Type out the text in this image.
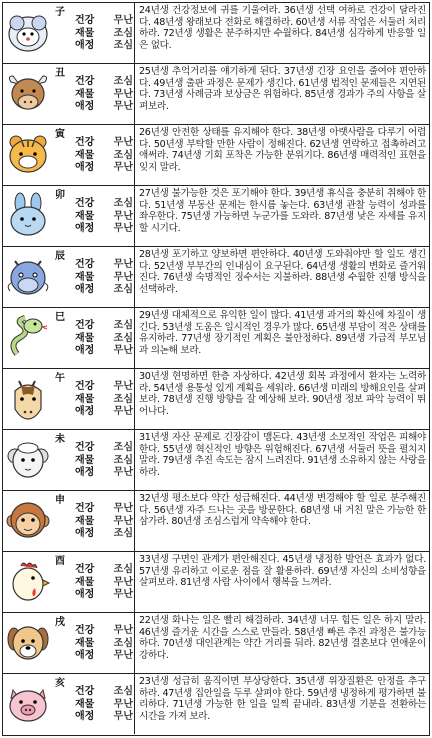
子
건강 무난
재물 조심
애정 조심
24년생 건강정보에 귀를 기울여라. 36년생 선택 여하로 건강이 달라진다. 48년생 왕래보다 전화로 해결하라. 60년생 서류 작업은 서둘러 처리하라. 72년생 생활은 분주하지만 수월하다. 84년생 심각하게 반응할 일은 없다.
丑
건강 조심
재물 무난
애정 무난
25년생 추억거리를 얘기하게 된다. 37년생 긴장 요인을 줄여야 편안하다. 49년생 출판 과정은 문제가 생긴다. 61년생 법적인 문제들은 지연된다. 73년생 사례금과 보상금은 위험하다. 85년생 경과가 주의 사항을 살펴보라.
寅
건강 무난
재물 조심
애정 무난
26년생 안전한 상태를 유지해야 한다. 38년생 아랫사람을 다루기 어렵다. 50년생 부탁할 만한 사람이 정해진다. 62년생 연락하고 접촉하려고 애써라. 74년생 기회 포착은 가능한 분위기다. 86년생 매력적인 표현을 잊지 말라.
卯
건강 조심
재물 무난
애정 무난
27년생 불가능한 것은 포기해야 한다. 39년생 휴식을 충분히 취해야 한다. 51년생 부동산 문제는 한시름 놓는다. 63년생 관찰 능력이 성과를 좌우한다. 75년생 가능하면 누군가를 도와라. 87년생 낮은 자세를 유지할 시기다.
辰
건강 무난
재물 무난
애정 조심
28년생 포기하고 양보하면 편안하다. 40년생 도와줘야만 할 일도 생긴다. 52년생 부부간의 인내심이 요구된다. 64년생 생활의 변화로 즐거워진다. 76년생 숙명적인 징수서는 지불하라. 88년생 수월한 진행 방식을 선택하라.
巳
건강 조심
재물 조심
애정 무난
29년생 대체적으로 유익한 일이 많다. 41년생 과거의 확신에 차질이 생긴다. 53년생 도움은 일시적인 경우가 많다. 65년생 부담이 적은 상태를 유지하라. 77년생 장기적인 계획은 불안정하다. 89년생 가급적 부모님과 의논해 보라.
午
건강 무난
재물 조심
애정 무난
30년생 현명하면 한층 자상하다. 42년생 회복 과정에서 환자는 노력하라. 54년생 용통성 있게 계획을 세워라. 66년생 미래의 방해요인을 살펴보라. 78년생 진행 방향을 잘 예상해 보라. 90년생 정보 파악 능력이 뛰어나다.
未
건강 조심
재물 조심
애정 무난
31년생 자산 문제로 긴장감이 맴돈다. 43년생 소모적인 작업은 피해야 한다. 55년생 혁신적인 방향은 위험해진다. 67년생 서둘러 뜻을 펼치지 말라. 79년생 추진 속도는 잠시 느려진다. 91년생 소유하지 않는 사랑을 하라.
申
건강 무난
재물 무난
애정 조심
32년생 평소보다 약간 성급해진다. 44년생 변경해야 할 일로 분주해진다. 56년생 자주 드나는 곳을 방문한다. 68년생 내 거친 말은 가능한 한 삼가라. 80년생 조심스럽게 약속해야 한다.
酉
건강 조심
재물 무난
애정 무난
33년생 구면인 관계가 편안해진다. 45년생 냉정한 발언은 효과가 없다. 57년생 유리하고 이로운 점을 잘 활용하라. 69년생 자신의 소비성향을 살펴보라. 81년생 사람 사이에서 행복을 느껴라.
戌
건강 무난
재물 조심
애정 무난
22년생 화나는 일은 빨리 해결하라. 34년생 너무 힘든 일은 하지 말라. 46년생 즐거운 시간을 스스로 만들라. 58년생 빠른 추진 과정은 불가능하다. 70년생 대인관계는 약간 거리를 둬라. 82년생 결혼보다 연애운이 강하다.
亥
건강 조심
재물 무난
애정 무난
23년생 성급히 움직이면 부상당한다. 35년생 위장질환은 안정을 추구하라. 47년생 집안일을 두루 살펴야 한다. 59년생 냉정하게 평가하면 불리하다. 71년생 가능한 한 일을 일찍 끝내라. 83년생 기분을 전환하는 시간을 가져 보라.
